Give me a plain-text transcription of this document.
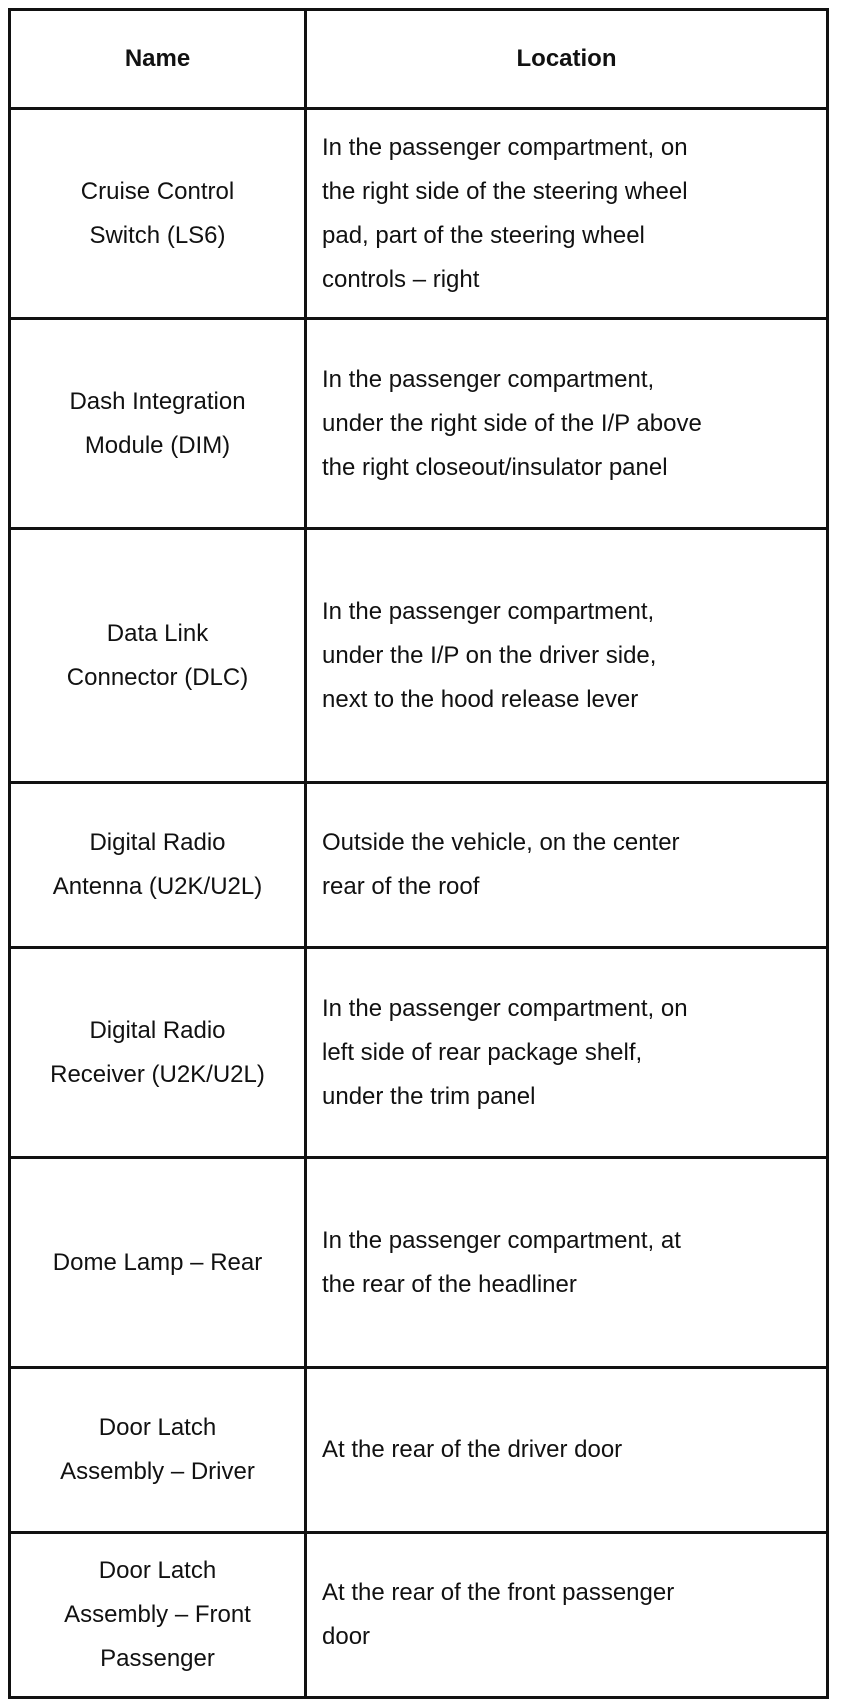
Name	Location

Cruise Control
Switch (LS6)	In the passenger compartment, on
the right side of the steering wheel
pad, part of the steering wheel
controls – right

Dash Integration
Module (DIM)	In the passenger compartment,
under the right side of the I/P above
the right closeout/insulator panel

Data Link
Connector (DLC)	In the passenger compartment,
under the I/P on the driver side,
next to the hood release lever

Digital Radio
Antenna (U2K/U2L)	Outside the vehicle, on the center
rear of the roof

Digital Radio
Receiver (U2K/U2L)	In the passenger compartment, on
left side of rear package shelf,
under the trim panel

Dome Lamp – Rear	In the passenger compartment, at
the rear of the headliner

Door Latch
Assembly – Driver	At the rear of the driver door

Door Latch
Assembly – Front
Passenger	At the rear of the front passenger
door
